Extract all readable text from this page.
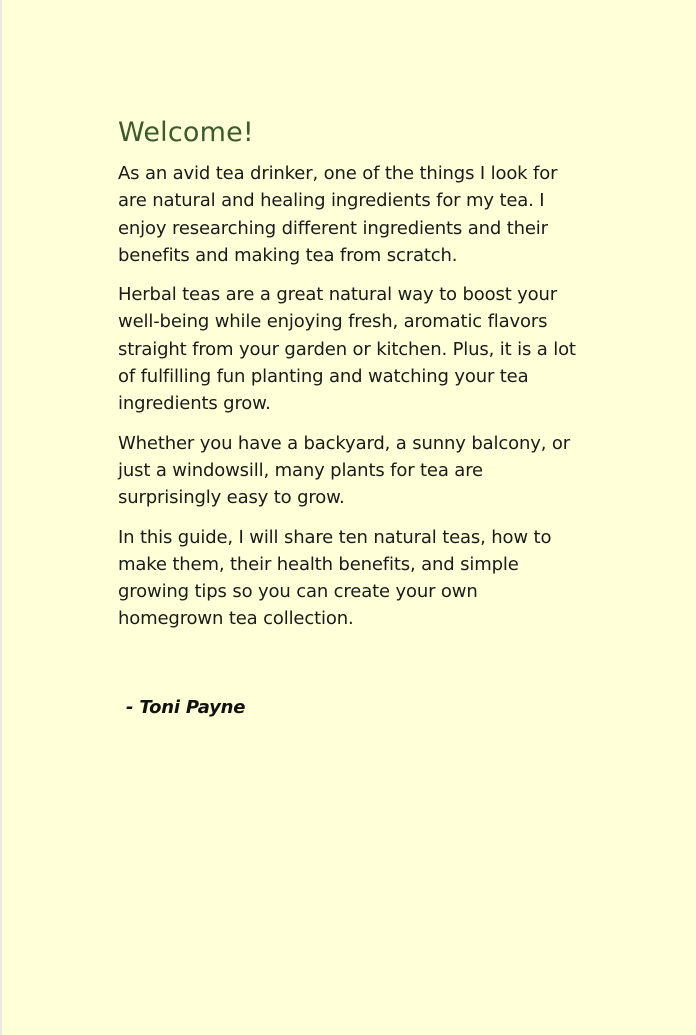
Welcome!

As an avid tea drinker, one of the things I look for are natural and healing ingredients for my tea. I enjoy researching different ingredients and their benefits and making tea from scratch.

Herbal teas are a great natural way to boost your well-being while enjoying fresh, aromatic flavors straight from your garden or kitchen. Plus, it is a lot of fulfilling fun planting and watching your tea ingredients grow.

Whether you have a backyard, a sunny balcony, or just a windowsill, many plants for tea are surprisingly easy to grow.

In this guide, I will share ten natural teas, how to make them, their health benefits, and simple growing tips so you can create your own homegrown tea collection.

- Toni Payne
